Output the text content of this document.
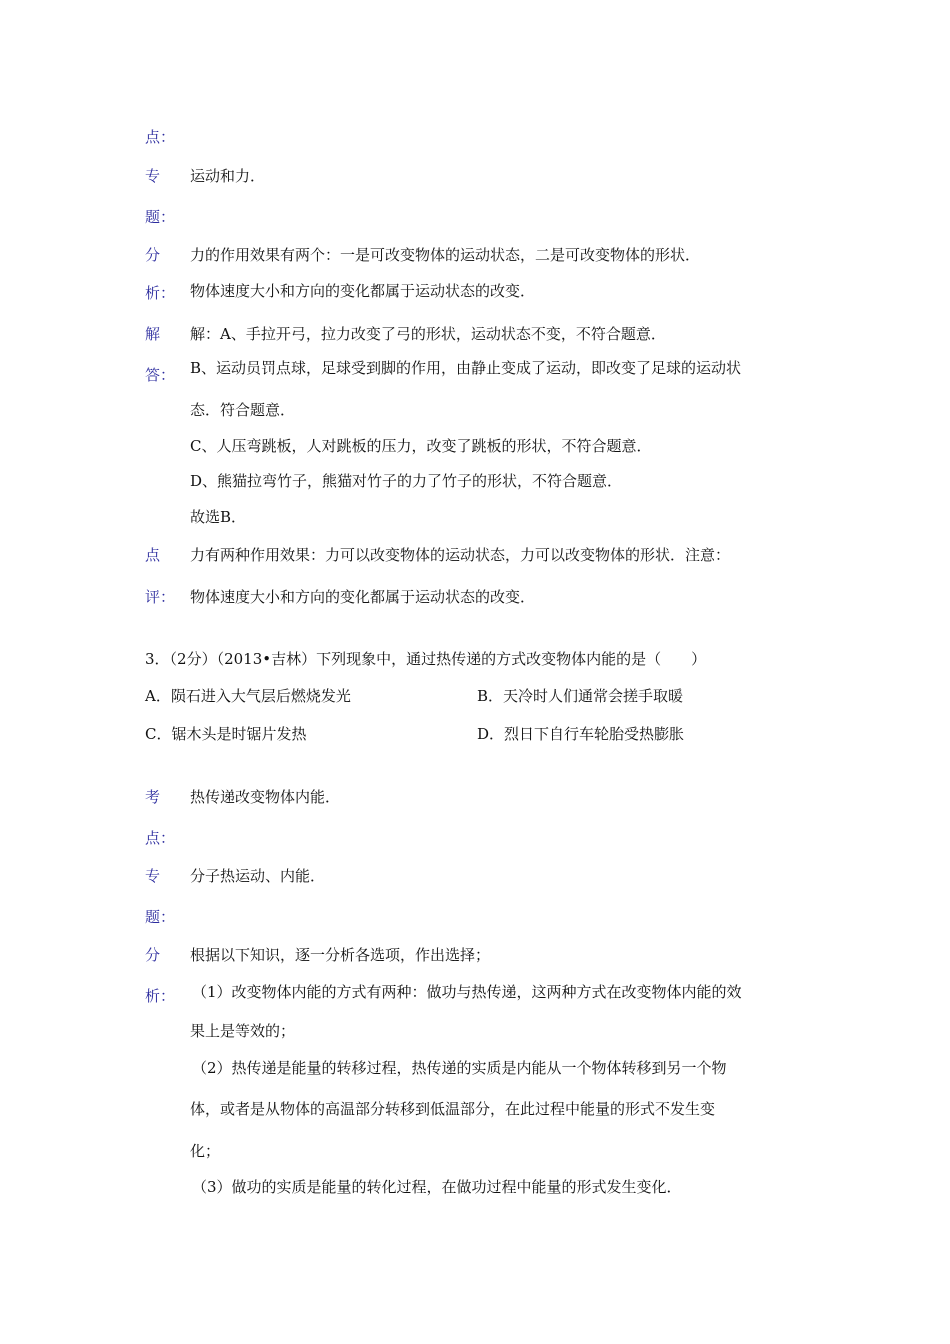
点：
专 运动和力．
题：
分 力的作用效果有两个：一是可改变物体的运动状态，二是可改变物体的形状．
析： 物体速度大小和方向的变化都属于运动状态的改变．
解 解：A、手拉开弓，拉力改变了弓的形状，运动状态不变，不符合题意．
答： B、运动员罚点球，足球受到脚的作用，由静止变成了运动，即改变了足球的运动状
态．符合题意．
C、人压弯跳板，人对跳板的压力，改变了跳板的形状，不符合题意．
D、熊猫拉弯竹子，熊猫对竹子的力了竹子的形状，不符合题意．
故选B．
点 力有两种作用效果：力可以改变物体的运动状态，力可以改变物体的形状．注意：
评： 物体速度大小和方向的变化都属于运动状态的改变．
3．（2分）（2013•吉林）下列现象中，通过热传递的方式改变物体内能的是（　　）
A．陨石进入大气层后燃烧发光	B．天冷时人们通常会搓手取暖
C．锯木头是时锯片发热	D．烈日下自行车轮胎受热膨胀
考 热传递改变物体内能．
点：
专 分子热运动、内能．
题：
分 根据以下知识，逐一分析各选项，作出选择；
析： （1）改变物体内能的方式有两种：做功与热传递，这两种方式在改变物体内能的效
果上是等效的；
（2）热传递是能量的转移过程，热传递的实质是内能从一个物体转移到另一个物
体，或者是从物体的高温部分转移到低温部分，在此过程中能量的形式不发生变
化；
（3）做功的实质是能量的转化过程，在做功过程中能量的形式发生变化．
